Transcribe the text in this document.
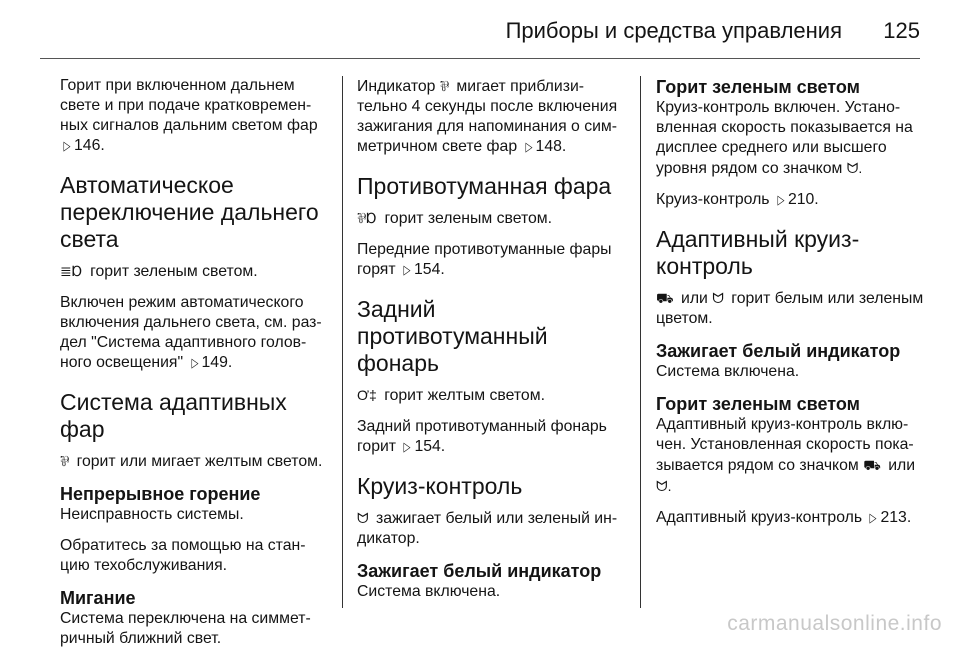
Приборы и средства управления 125

Горит при включенном дальнем свете и при подаче кратковремен-ных сигналов дальним светом фар ▷ 146.

Автоматическое переключение дальнего света

≣Ɒ горит зеленым светом.

Включен режим автоматического включения дальнего света, см. раз-дел "Система адаптивного голов-ного освещения" ▷ 149.

Система адаптивных фар

⅌ горит или мигает желтым светом.

Непрерывное горение

Неисправность системы.

Обратитесь за помощью на стан-цию техобслуживания.

Мигание

Система переключена на симмет-ричный ближний свет.

Индикатор ⅌ мигает приблизи-тельно 4 секунды после включения зажигания для напоминания о сим-метричном свете фар ▷ 148.

Противотуманная фара

⅌Ɒ горит зеленым светом.

Передние противотуманные фары горят ▷ 154.

Задний противотуманный фонарь

Ơ‡ горит желтым светом.

Задний противотуманный фонарь горит ▷ 154.

Круиз-контроль

ᗢ зажигает белый или зеленый ин-дикатор.

Зажигает белый индикатор

Система включена.

Горит зеленым светом

Круиз-контроль включен. Устано-вленная скорость показывается на дисплее среднего или высшего уровня рядом со значком ᗢ.

Круиз-контроль ▷ 210.

Адаптивный круиз-контроль

⛟ или ᗢ горит белым или зеленым цветом.

Зажигает белый индикатор

Система включена.

Горит зеленым светом

Адаптивный круиз-контроль вклю-чен. Установленная скорость пока-зывается рядом со значком ⛟ или ᗢ.

Адаптивный круиз-контроль ▷ 213.

carmanualsonline.info
